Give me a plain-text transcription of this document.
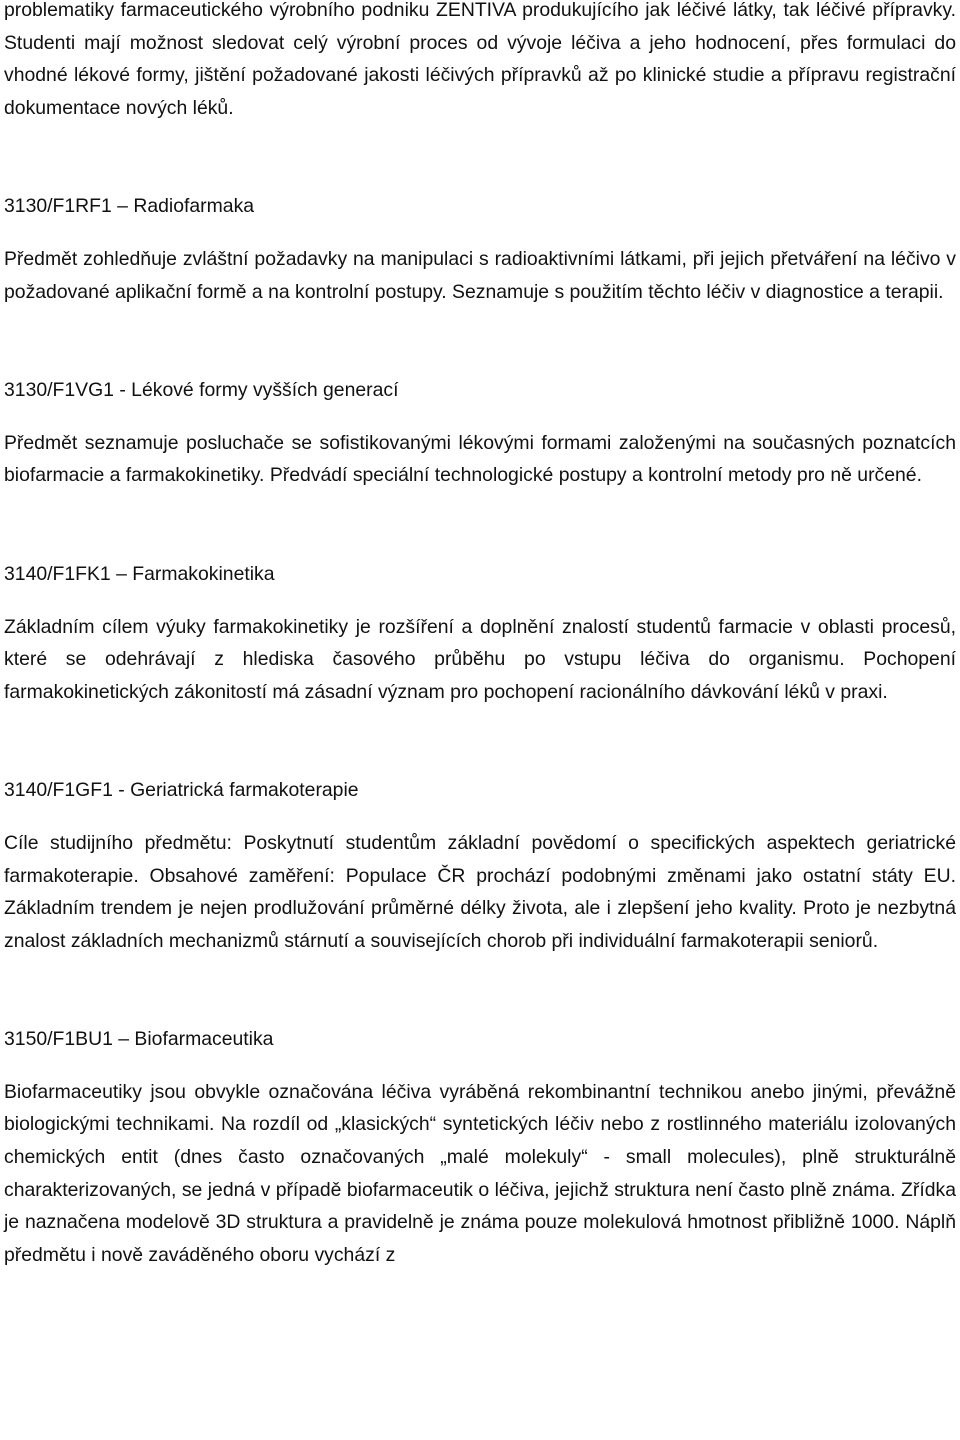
problematiky farmaceutického výrobního podniku ZENTIVA produkujícího jak léčivé látky, tak léčivé přípravky. Studenti mají možnost sledovat celý výrobní proces od vývoje léčiva a jeho hodnocení, přes formulaci do vhodné lékové formy, jištění požadované jakosti léčivých přípravků až po klinické studie a přípravu registrační dokumentace nových léků.

3130/F1RF1 – Radiofarmaka

Předmět zohledňuje zvláštní požadavky na manipulaci s radioaktivními látkami, při jejich přetváření na léčivo v požadované aplikační formě a na kontrolní postupy. Seznamuje s použitím těchto léčiv v diagnostice a terapii.

3130/F1VG1 - Lékové formy vyšších generací

Předmět seznamuje posluchače se sofistikovanými lékovými formami založenými na současných poznatcích biofarmacie a farmakokinetiky. Předvádí speciální technologické postupy a kontrolní metody pro ně určené.

3140/F1FK1 – Farmakokinetika

Základním cílem výuky farmakokinetiky je rozšíření a doplnění znalostí studentů farmacie v oblasti procesů, které se odehrávají z hlediska časového průběhu po vstupu léčiva do organismu. Pochopení farmakokinetických zákonitostí má zásadní význam pro pochopení racionálního dávkování léků v praxi.

3140/F1GF1 - Geriatrická farmakoterapie

Cíle studijního předmětu: Poskytnutí studentům základní povědomí o specifických aspektech geriatrické farmakoterapie. Obsahové zaměření: Populace ČR prochází podobnými změnami jako ostatní státy EU. Základním trendem je nejen prodlužování průměrné délky života, ale i zlepšení jeho kvality. Proto je nezbytná znalost základních mechanizmů stárnutí a souvisejících chorob při individuální farmakoterapii seniorů.

3150/F1BU1 – Biofarmaceutika

Biofarmaceutiky jsou obvykle označována léčiva vyráběná rekombinantní technikou anebo jinými, převážně biologickými technikami. Na rozdíl od „klasických“ syntetických léčiv nebo z rostlinného materiálu izolovaných chemických entit (dnes často označovaných „malé molekuly“ - small molecules), plně strukturálně charakterizovaných, se jedná v případě biofarmaceutik o léčiva, jejichž struktura není často plně známa. Zřídka je naznačena modelově 3D struktura a pravidelně je známa pouze molekulová hmotnost přibližně 1000. Náplň předmětu i nově zaváděného oboru vychází z
